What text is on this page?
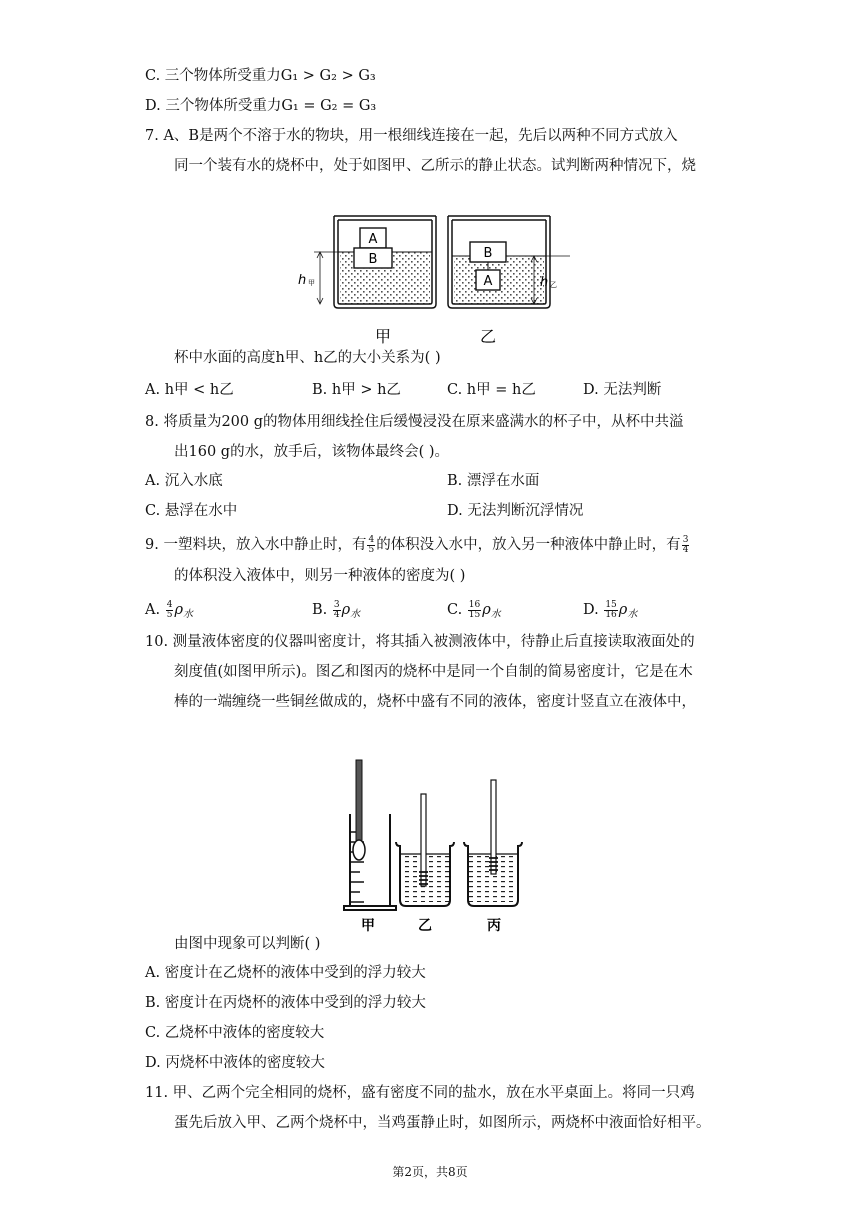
C. 三个物体所受重力G₁ > G₂ > G₃
D. 三个物体所受重力G₁ = G₂ = G₃
7. A、B是两个不溶于水的物块，用一根细线连接在一起，先后以两种不同方式放入
同一个装有水的烧杯中，处于如图甲、乙所示的静止状态。试判断两种情况下，烧
A
B
h 甲
甲
B
A	h 乙
乙
杯中水面的高度h甲、h乙的大小关系为( )
A. h甲 < h乙	B. h甲 > h乙	C. h甲 = h乙	D. 无法判断
8. 将质量为200 g的物体用细线拴住后缓慢浸没在原来盛满水的杯子中，从杯中共溢
出160 g的水，放手后，该物体最终会( )。
A. 沉入水底	B. 漂浮在水面
C. 悬浮在水中	D. 无法判断沉浮情况
9. 一塑料块，放入水中静止时，有 $\frac{4}{5}$ 的体积没入水中，放入另一种液体中静止时，有 $\frac{3}{4}$
的体积没入液体中，则另一种液体的密度为( )
A. $\frac{4}{5} \rho_水$	B. $\frac{3}{4} \rho_水$	C. $\frac{16}{15} \rho_水$	D. $\frac{15}{16} \rho_水$
10. 测量液体密度的仪器叫密度计，将其插入被测液体中，待静止后直接读取液面处的
刻度值(如图甲所示)。图乙和图丙的烧杯中是同一个自制的简易密度计，它是在木
棒的一端缠绕一些铜丝做成的，烧杯中盛有不同的液体，密度计竖直立在液体中，
甲	乙	丙
由图中现象可以判断( )
A. 密度计在乙烧杯的液体中受到的浮力较大
B. 密度计在丙烧杯的液体中受到的浮力较大
C. 乙烧杯中液体的密度较大
D. 丙烧杯中液体的密度较大
11. 甲、乙两个完全相同的烧杯，盛有密度不同的盐水，放在水平桌面上。将同一只鸡
蛋先后放入甲、乙两个烧杯中，当鸡蛋静止时，如图所示，两烧杯中液面恰好相平。
第2页，共8页
